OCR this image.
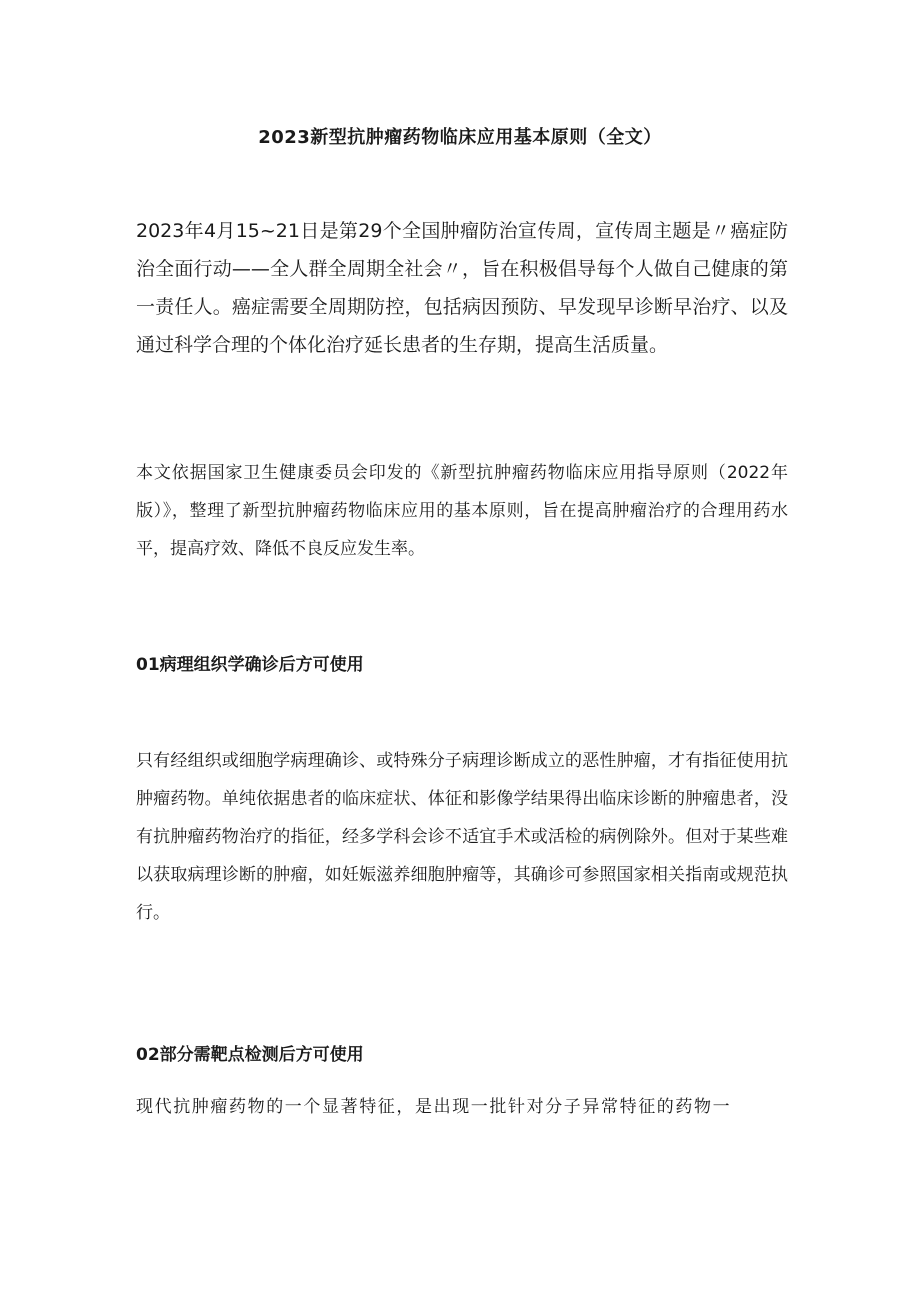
2023新型抗肿瘤药物临床应用基本原则（全文）

2023年4月15~21日是第29个全国肿瘤防治宣传周，宣传周主题是〃癌症防治全面行动——全人群全周期全社会〃，旨在积极倡导每个人做自己健康的第一责任人。癌症需要全周期防控，包括病因预防、早发现早诊断早治疗、以及通过科学合理的个体化治疗延长患者的生存期，提高生活质量。

本文依据国家卫生健康委员会印发的《新型抗肿瘤药物临床应用指导原则（2022年版）》，整理了新型抗肿瘤药物临床应用的基本原则，旨在提高肿瘤治疗的合理用药水平，提高疗效、降低不良反应发生率。

01病理组织学确诊后方可使用

只有经组织或细胞学病理确诊、或特殊分子病理诊断成立的恶性肿瘤，才有指征使用抗肿瘤药物。单纯依据患者的临床症状、体征和影像学结果得出临床诊断的肿瘤患者，没有抗肿瘤药物治疗的指征，经多学科会诊不适宜手术或活检的病例除外。但对于某些难以获取病理诊断的肿瘤，如妊娠滋养细胞肿瘤等，其确诊可参照国家相关指南或规范执行。

02部分需靶点检测后方可使用

现代抗肿瘤药物的一个显著特征，是出现一批针对分子异常特征的药物一
